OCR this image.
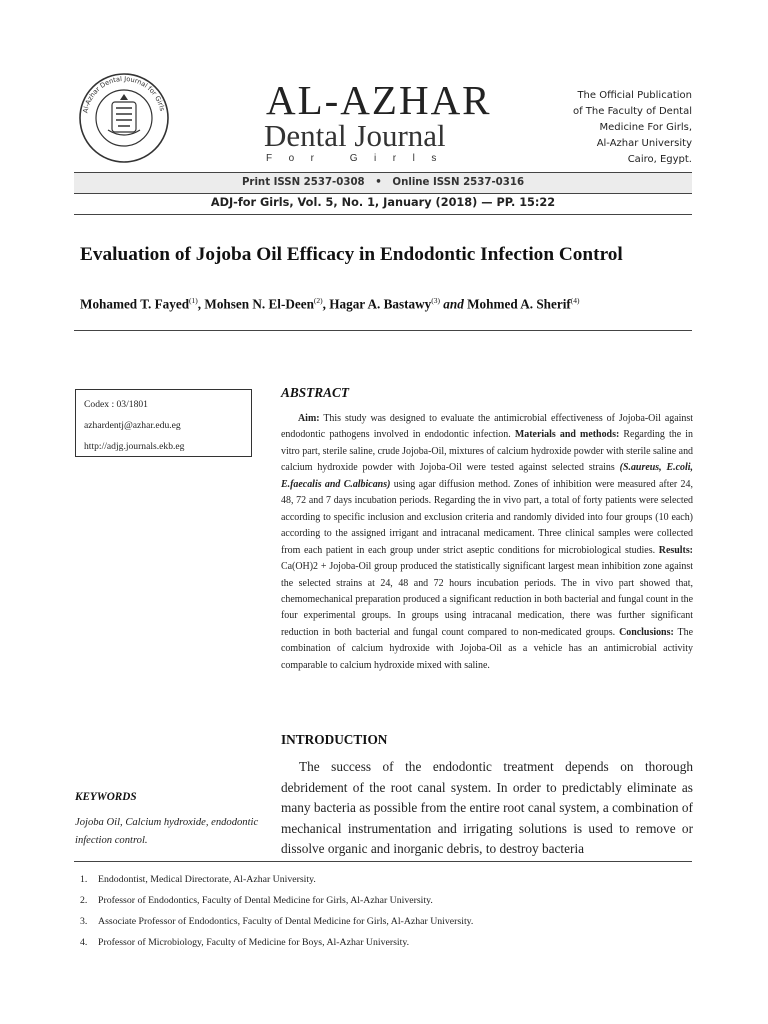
Al-Azhar Dental Journal for Girls AL-AZHAR
Dental Journal
For Girls
The Official Publication
of The Faculty of Dental
Medicine For Girls,
Al-Azhar University
Cairo, Egypt.
Print ISSN 2537-0308   •   Online ISSN 2537-0316
ADJ-for Girls, Vol. 5, No. 1, January (2018) — PP. 15:22
Evaluation of Jojoba Oil Efficacy in Endodontic Infection Control
Mohamed T. Fayed$^{(1)}$, Mohsen N. El-Deen$^{(2)}$, Hagar A. Bastawy$^{(3)}$ and Mohmed A. Sherif$^{(4)}$
Codex : 03/1801
azhardentj@azhar.edu.eg
http://adjg.journals.ekb.eg
ABSTRACT

Aim: This study was designed to evaluate the antimicrobial effectiveness of Jojoba-Oil against endodontic pathogens involved in endodontic infection. Materials and methods: Regarding the in vitro part, sterile saline, crude Jojoba-Oil, mixtures of calcium hydroxide powder with sterile saline and calcium hydroxide powder with Jojoba-Oil were tested against selected strains (S.aureus, E.coli, E.faecalis and C.albicans) using agar diffusion method. Zones of inhibition were measured after 24, 48, 72 and 7 days incubation periods. Regarding the in vivo part, a total of forty patients were selected according to specific inclusion and exclusion criteria and randomly divided into four groups (10 each) according to the assigned irrigant and intracanal medicament. Three clinical samples were collected from each patient in each group under strict aseptic conditions for microbiological studies. Results: Ca(OH)2 + Jojoba-Oil group produced the statistically significant largest mean inhibition zone against the selected strains at 24, 48 and 72 hours incubation periods. The in vivo part showed that, chemomechanical preparation produced a significant reduction in both bacterial and fungal count in the four experimental groups. In groups using intracanal medication, there was further significant reduction in both bacterial and fungal count compared to non-medicated groups. Conclusions: The combination of calcium hydroxide with Jojoba-Oil as a vehicle has an antimicrobial activity comparable to calcium hydroxide mixed with saline.

INTRODUCTION

The success of the endodontic treatment depends on thorough debridement of the root canal system. In order to predictably eliminate as many bacteria as possible from the entire root canal system, a combination of mechanical instrumentation and irrigating solutions is used to remove or dissolve organic and inorganic debris, to destroy bacteria

KEYWORDS
Jojoba Oil, Calcium hydroxide, endodontic infection control.
1.	Endodontist, Medical Directorate, Al-Azhar University.
2.	Professor of Endodontics, Faculty of Dental Medicine for Girls, Al-Azhar University.
3.	Associate Professor of Endodontics, Faculty of Dental Medicine for Girls, Al-Azhar University.
4.	Professor of Microbiology, Faculty of Medicine for Boys, Al-Azhar University.
